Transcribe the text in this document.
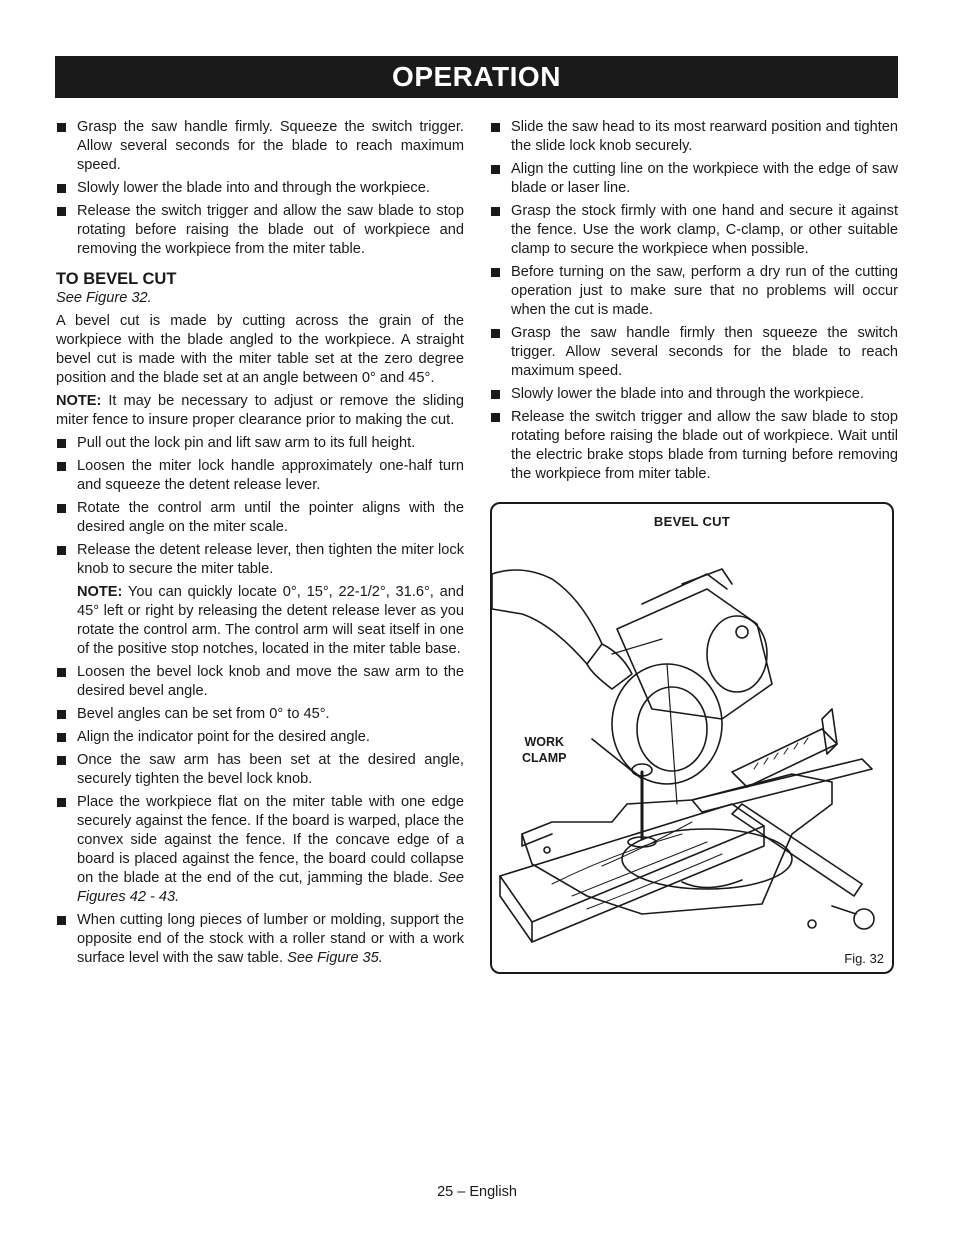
OPERATION
Grasp the saw handle firmly. Squeeze the switch trigger. Allow several seconds for the blade to reach maximum speed.
Slowly lower the blade into and through the workpiece.
Release the switch trigger and allow the saw blade to stop rotating before raising the blade out of workpiece and removing the workpiece from the miter table.
TO BEVEL CUT
See Figure 32.

A bevel cut is made by cutting across the grain of the workpiece with the blade angled to the workpiece. A straight bevel cut is made with the miter table set at the zero degree position and the blade set at an angle between 0° and 45°.

NOTE: It may be necessary to adjust or remove the sliding miter fence to insure proper clearance prior to making the cut.

Pull out the lock pin and lift saw arm to its full height.
Loosen the miter lock handle approximately one-half turn and squeeze the detent release lever.
Rotate the control arm until the pointer aligns with the desired angle on the miter scale.
Release the detent release lever, then tighten the miter lock knob to secure the miter table.

NOTE: You can quickly locate 0°, 15°, 22-1/2°, 31.6°, and 45° left or right by releasing the detent release lever as you rotate the control arm. The control arm will seat itself in one of the positive stop notches, located in the miter table base.

Loosen the bevel lock knob and move the saw arm to the desired bevel angle.
Bevel angles can be set from 0° to 45°.
Align the indicator point for the desired angle.
Once the saw arm has been set at the desired angle, securely tighten the bevel lock knob.
Place the workpiece flat on the miter table with one edge securely against the fence. If the board is warped, place the convex side against the fence. If the concave edge of a board is placed against the fence, the board could collapse on the blade at the end of the cut, jamming the blade. See Figures 42 - 43.
When cutting long pieces of lumber or molding, support the opposite end of the stock with a roller stand or with a work surface level with the saw table. See Figure 35.
Slide the saw head to its most rearward position and tighten the slide lock knob securely.
Align the cutting line on the workpiece with the edge of saw blade or laser line.
Grasp the stock firmly with one hand and secure it against the fence. Use the work clamp, C-clamp, or other suitable clamp to secure the workpiece when possible.
Before turning on the saw, perform a dry run of the cutting operation just to make sure that no problems will occur when the cut is made.
Grasp the saw handle firmly then squeeze the switch trigger. Allow several seconds for the blade to reach maximum speed.
Slowly lower the blade into and through the workpiece.
Release the switch trigger and allow the saw blade to stop rotating before raising the blade out of workpiece. Wait until the electric brake stops blade from turning before removing the workpiece from miter table.
BEVEL CUT
WORK
CLAMP
Fig. 32
25 – English
